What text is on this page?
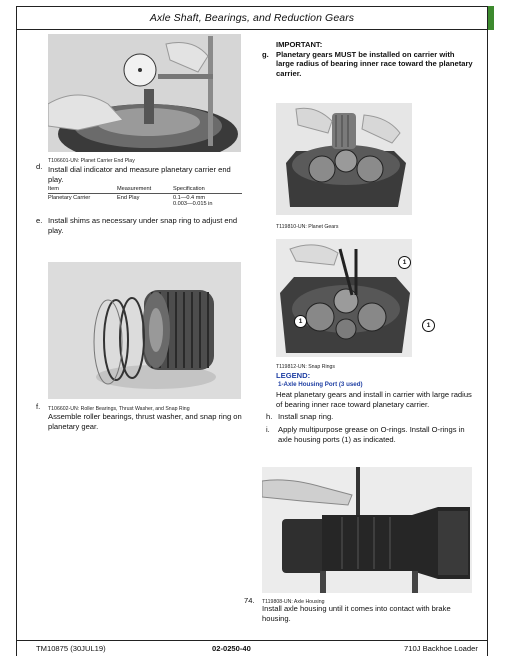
Axle Shaft, Bearings, and Reduction Gears
T106601-UN: Planet Carrier End Play
d. Install dial indicator and measure planetary carrier end play.
Item	Measurement	Specification
Planetary Carrier	End Play	0.1—0.4 mm
0.003—0.015 in
e. Install shims as necessary under snap ring to adjust end play.
T106602-UN: Roller Bearings, Thrust Washer, and Snap Ring
f.
Assemble roller bearings, thrust washer, and snap ring on planetary gear.
IMPORTANT:
g. Planetary gears MUST be installed on carrier with large radius of bearing inner race toward the planetary carrier.
T119810-UN: Planet Gears
1
1
1
T119812-UN: Snap Rings
LEGEND:
1-Axle Housing Port (3 used)
Heat planetary gears and install in carrier with large radius of bearing inner race toward planetary carrier.
h. Install snap ring.
i. Apply multipurpose grease on O-rings. Install O-rings in axle housing ports (1) as indicated.
T119808-UN: Axle Housing
74.
Install axle housing until it comes into contact with brake housing.
TM10875 (30JUL19)	02-0250-40	710J Backhoe Loader
